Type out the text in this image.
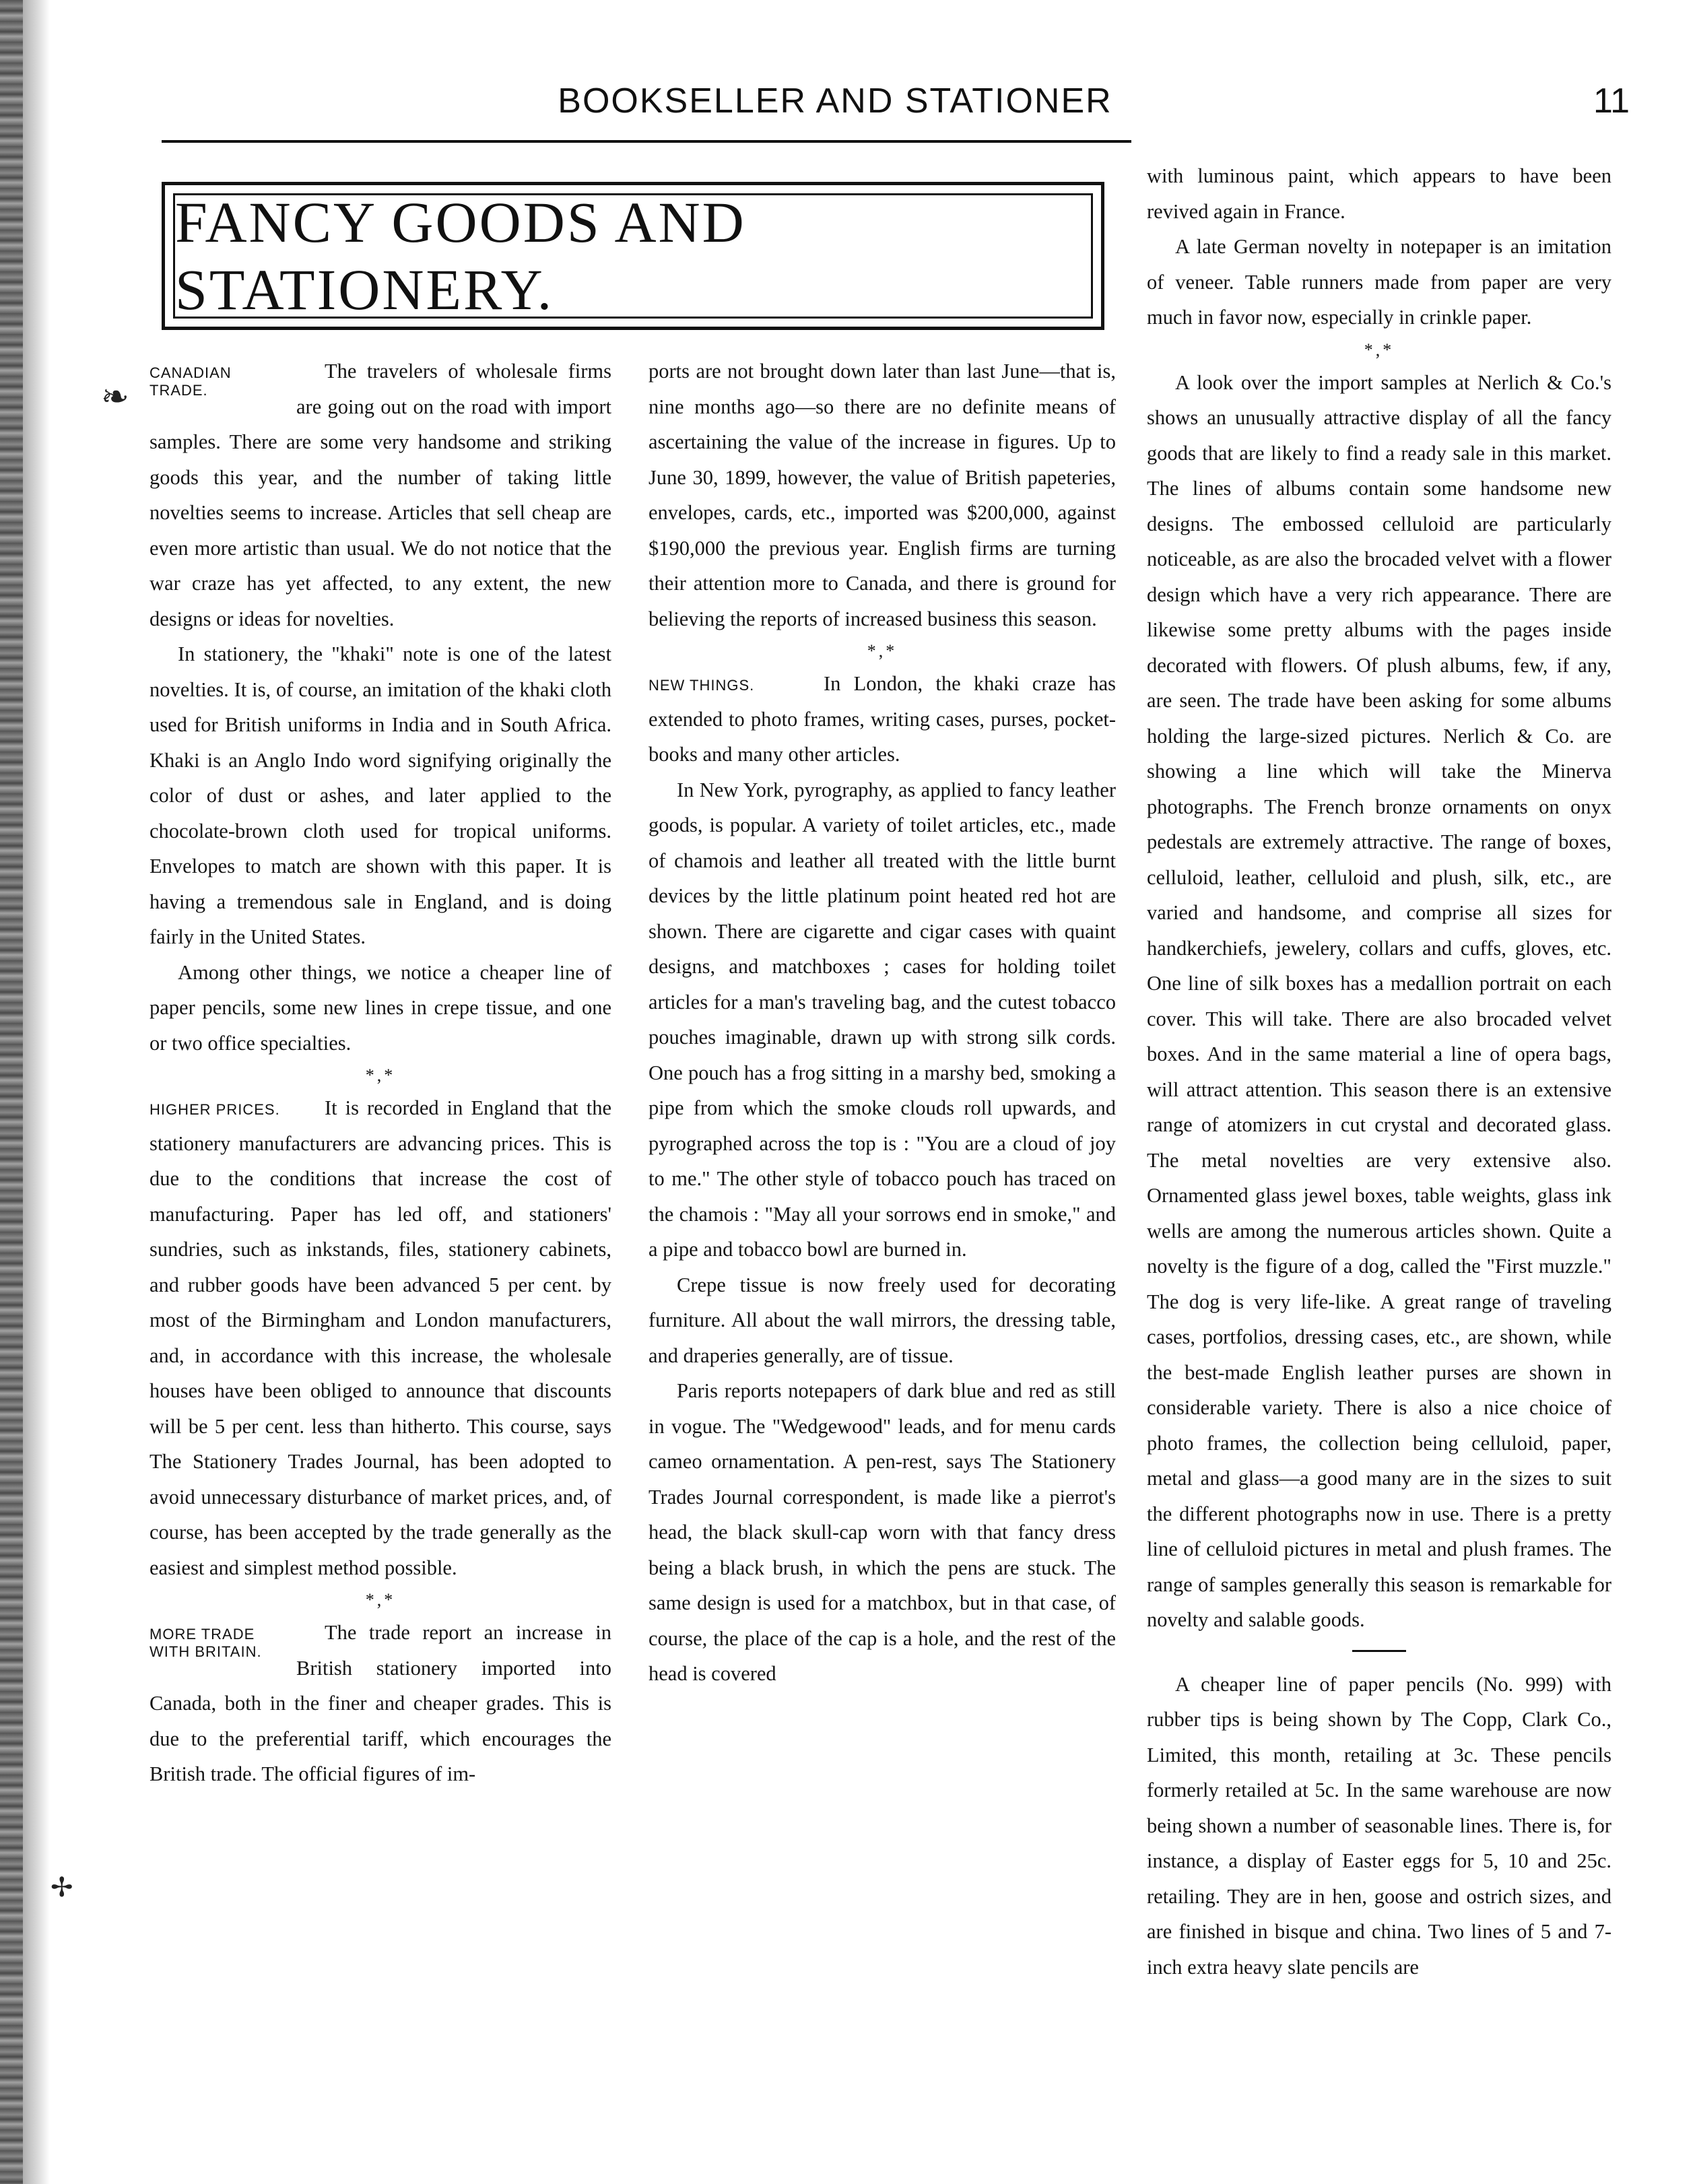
❧
✢
BOOKSELLER AND STATIONER	11
FANCY GOODS AND STATIONERY.
CANADIAN TRADE.

The travelers of wholesale firms are going out on the road with import samples. There are some very handsome and striking goods this year, and the number of taking little novelties seems to increase. Articles that sell cheap are even more artistic than usual. We do not notice that the war craze has yet affected, to any extent, the new designs or ideas for novelties.

In stationery, the "khaki" note is one of the latest novelties. It is, of course, an imitation of the khaki cloth used for British uniforms in India and in South Africa. Khaki is an Anglo Indo word signifying originally the color of dust or ashes, and later applied to the chocolate-brown cloth used for tropical uniforms. Envelopes to match are shown with this paper. It is having a tremendous sale in England, and is doing fairly in the United States.

Among other things, we notice a cheaper line of paper pencils, some new lines in crepe tissue, and one or two office specialties.

*,*
HIGHER PRICES.	It is recorded in England that the stationery manufacturers are advancing prices. This is due to the conditions that increase the cost of manufacturing. Paper has led off, and stationers' sundries, such as inkstands, files, stationery cabinets, and rubber goods have been advanced 5 per cent. by most of the Birmingham and London manufacturers, and, in accordance with this increase, the wholesale houses have been obliged to announce that discounts will be 5 per cent. less than hitherto. This course, says The Stationery Trades Journal, has been adopted to avoid unnecessary disturbance of market prices, and, of course, has been accepted by the trade generally as the easiest and simplest method possible.

*,*
MORE TRADE WITH BRITAIN.

The trade report an increase in British stationery imported into Canada, both in the finer and cheaper grades. This is due to the preferential tariff, which encourages the British trade. The official figures of im-

ports are not brought down later than last June—that is, nine months ago—so there are no definite means of ascertaining the value of the increase in figures. Up to June 30, 1899, however, the value of British papeteries, envelopes, cards, etc., imported was $200,000, against $190,000 the previous year. English firms are turning their attention more to Canada, and there is ground for believing the reports of increased business this season.

*,*
NEW THINGS.	In London, the khaki craze has extended to photo frames, writing cases, purses, pocket-books and many other articles.

In New York, pyrography, as applied to fancy leather goods, is popular. A variety of toilet articles, etc., made of chamois and leather all treated with the little burnt devices by the little platinum point heated red hot are shown. There are cigarette and cigar cases with quaint designs, and matchboxes ; cases for holding toilet articles for a man's traveling bag, and the cutest tobacco pouches imaginable, drawn up with strong silk cords. One pouch has a frog sitting in a marshy bed, smoking a pipe from which the smoke clouds roll upwards, and pyrographed across the top is : "You are a cloud of joy to me." The other style of tobacco pouch has traced on the chamois : "May all your sorrows end in smoke," and a pipe and tobacco bowl are burned in.

Crepe tissue is now freely used for decorating furniture. All about the wall mirrors, the dressing table, and draperies generally, are of tissue.

Paris reports notepapers of dark blue and red as still in vogue. The "Wedgewood" leads, and for menu cards cameo ornamentation. A pen-rest, says The Stationery Trades Journal correspondent, is made like a pierrot's head, the black skull-cap worn with that fancy dress being a black brush, in which the pens are stuck. The same design is used for a matchbox, but in that case, of course, the place of the cap is a hole, and the rest of the head is covered

with luminous paint, which appears to have been revived again in France.

A late German novelty in notepaper is an imitation of veneer. Table runners made from paper are very much in favor now, especially in crinkle paper.

*,*

A look over the import samples at Nerlich & Co.'s shows an unusually attractive display of all the fancy goods that are likely to find a ready sale in this market. The lines of albums contain some handsome new designs. The embossed celluloid are particularly noticeable, as are also the brocaded velvet with a flower design which have a very rich appearance. There are likewise some pretty albums with the pages inside decorated with flowers. Of plush albums, few, if any, are seen. The trade have been asking for some albums holding the large-sized pictures. Nerlich & Co. are showing a line which will take the Minerva photographs. The French bronze ornaments on onyx pedestals are extremely attractive. The range of boxes, celluloid, leather, celluloid and plush, silk, etc., are varied and handsome, and comprise all sizes for handkerchiefs, jewelery, collars and cuffs, gloves, etc. One line of silk boxes has a medallion portrait on each cover. This will take. There are also brocaded velvet boxes. And in the same material a line of opera bags, will attract attention. This season there is an extensive range of atomizers in cut crystal and decorated glass. The metal novelties are very extensive also. Ornamented glass jewel boxes, table weights, glass ink wells are among the numerous articles shown. Quite a novelty is the figure of a dog, called the "First muzzle." The dog is very life-like. A great range of traveling cases, portfolios, dressing cases, etc., are shown, while the best-made English leather purses are shown in considerable variety. There is also a nice choice of photo frames, the collection being celluloid, paper, metal and glass—a good many are in the sizes to suit the different photographs now in use. There is a pretty line of celluloid pictures in metal and plush frames. The range of samples generally this season is remarkable for novelty and salable goods.

A cheaper line of paper pencils (No. 999) with rubber tips is being shown by The Copp, Clark Co., Limited, this month, retailing at 3c. These pencils formerly retailed at 5c. In the same warehouse are now being shown a number of seasonable lines. There is, for instance, a display of Easter eggs for 5, 10 and 25c. retailing. They are in hen, goose and ostrich sizes, and are finished in bisque and china. Two lines of 5 and 7-inch extra heavy slate pencils are
